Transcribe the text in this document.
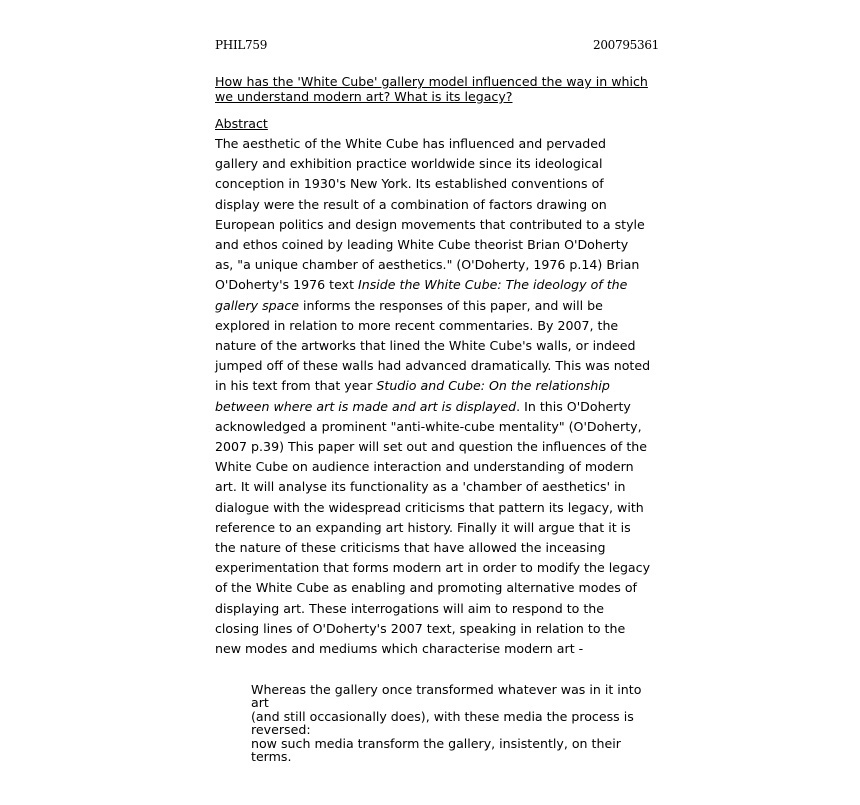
PHIL759	200795361
How has the 'White Cube' gallery model influenced the way in which
we understand modern art? What is its legacy?
Abstract
The aesthetic of the White Cube has influenced and pervaded
gallery and exhibition practice worldwide since its ideological
conception in 1930's New York. Its established conventions of
display were the result of a combination of factors drawing on
European politics and design movements that contributed to a style
and ethos coined by leading White Cube theorist Brian O'Doherty
as, "a unique chamber of aesthetics." (O'Doherty, 1976 p.14) Brian
O'Doherty's 1976 text Inside the White Cube: The ideology of the
gallery space informs the responses of this paper, and will be
explored in relation to more recent commentaries. By 2007, the
nature of the artworks that lined the White Cube's walls, or indeed
jumped off of these walls had advanced dramatically. This was noted
in his text from that year Studio and Cube: On the relationship
between where art is made and art is displayed. In this O'Doherty
acknowledged a prominent "anti-white-cube mentality" (O'Doherty,
2007 p.39) This paper will set out and question the influences of the
White Cube on audience interaction and understanding of modern
art. It will analyse its functionality as a 'chamber of aesthetics' in
dialogue with the widespread criticisms that pattern its legacy, with
reference to an expanding art history. Finally it will argue that it is
the nature of these criticisms that have allowed the inceasing
experimentation that forms modern art in order to modify the legacy
of the White Cube as enabling and promoting alternative modes of
displaying art. These interrogations will aim to respond to the
closing lines of O'Doherty's 2007 text, speaking in relation to the
new modes and mediums which characterise modern art -
Whereas the gallery once transformed whatever was in it into
art
(and still occasionally does), with these media the process is
reversed:
now such media transform the gallery, insistently, on their
terms.
